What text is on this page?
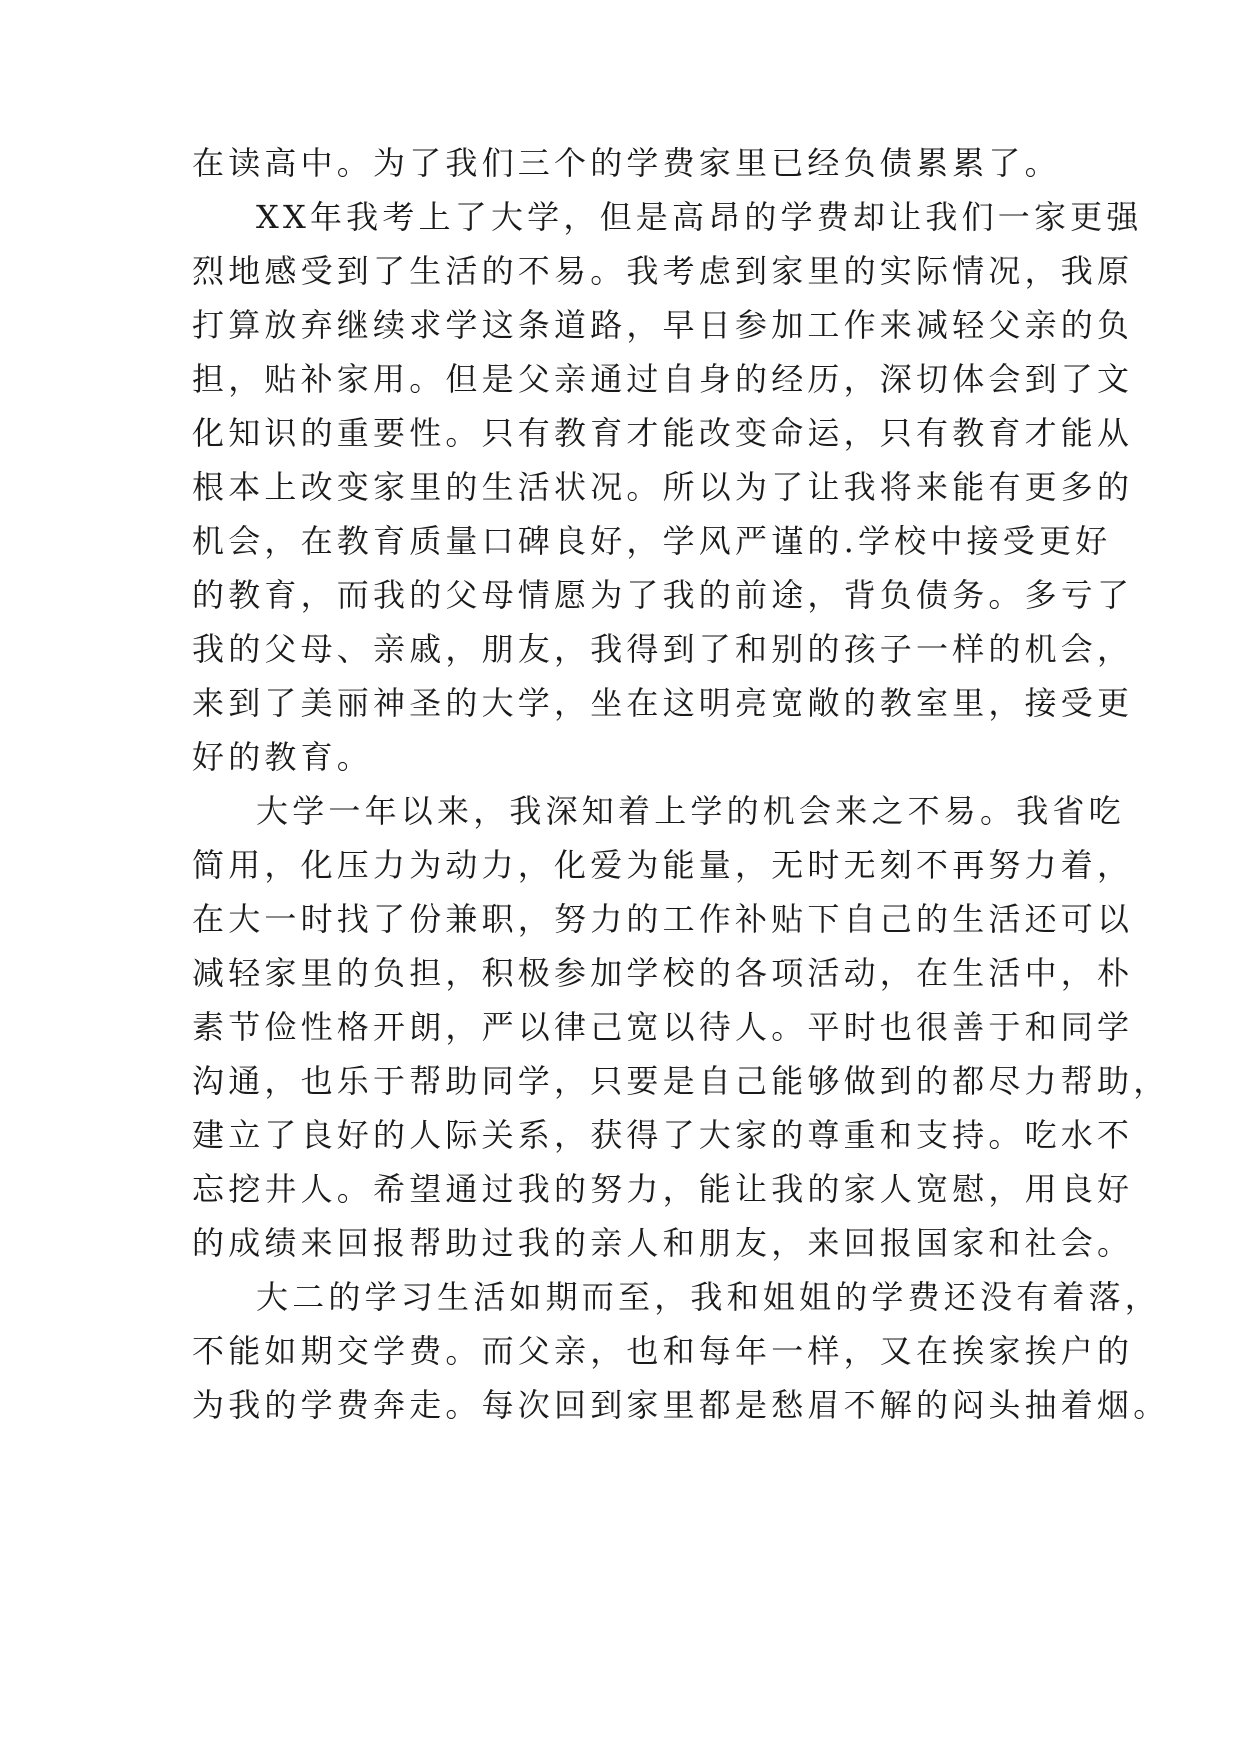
在读高中。为了我们三个的学费家里已经负债累累了。
XX年我考上了大学，但是高昂的学费却让我们一家更强
烈地感受到了生活的不易。我考虑到家里的实际情况，我原
打算放弃继续求学这条道路，早日参加工作来减轻父亲的负
担，贴补家用。但是父亲通过自身的经历，深切体会到了文
化知识的重要性。只有教育才能改变命运，只有教育才能从
根本上改变家里的生活状况。所以为了让我将来能有更多的
机会，在教育质量口碑良好，学风严谨的.学校中接受更好
的教育，而我的父母情愿为了我的前途，背负债务。多亏了
我的父母、亲戚，朋友，我得到了和别的孩子一样的机会，
来到了美丽神圣的大学，坐在这明亮宽敞的教室里，接受更
好的教育。
大学一年以来，我深知着上学的机会来之不易。我省吃
简用，化压力为动力，化爱为能量，无时无刻不再努力着，
在大一时找了份兼职，努力的工作补贴下自己的生活还可以
减轻家里的负担，积极参加学校的各项活动，在生活中，朴
素节俭性格开朗，严以律己宽以待人。平时也很善于和同学
沟通，也乐于帮助同学，只要是自己能够做到的都尽力帮助，
建立了良好的人际关系，获得了大家的尊重和支持。吃水不
忘挖井人。希望通过我的努力，能让我的家人宽慰，用良好
的成绩来回报帮助过我的亲人和朋友，来回报国家和社会。
大二的学习生活如期而至，我和姐姐的学费还没有着落，
不能如期交学费。而父亲，也和每年一样，又在挨家挨户的
为我的学费奔走。每次回到家里都是愁眉不解的闷头抽着烟。
